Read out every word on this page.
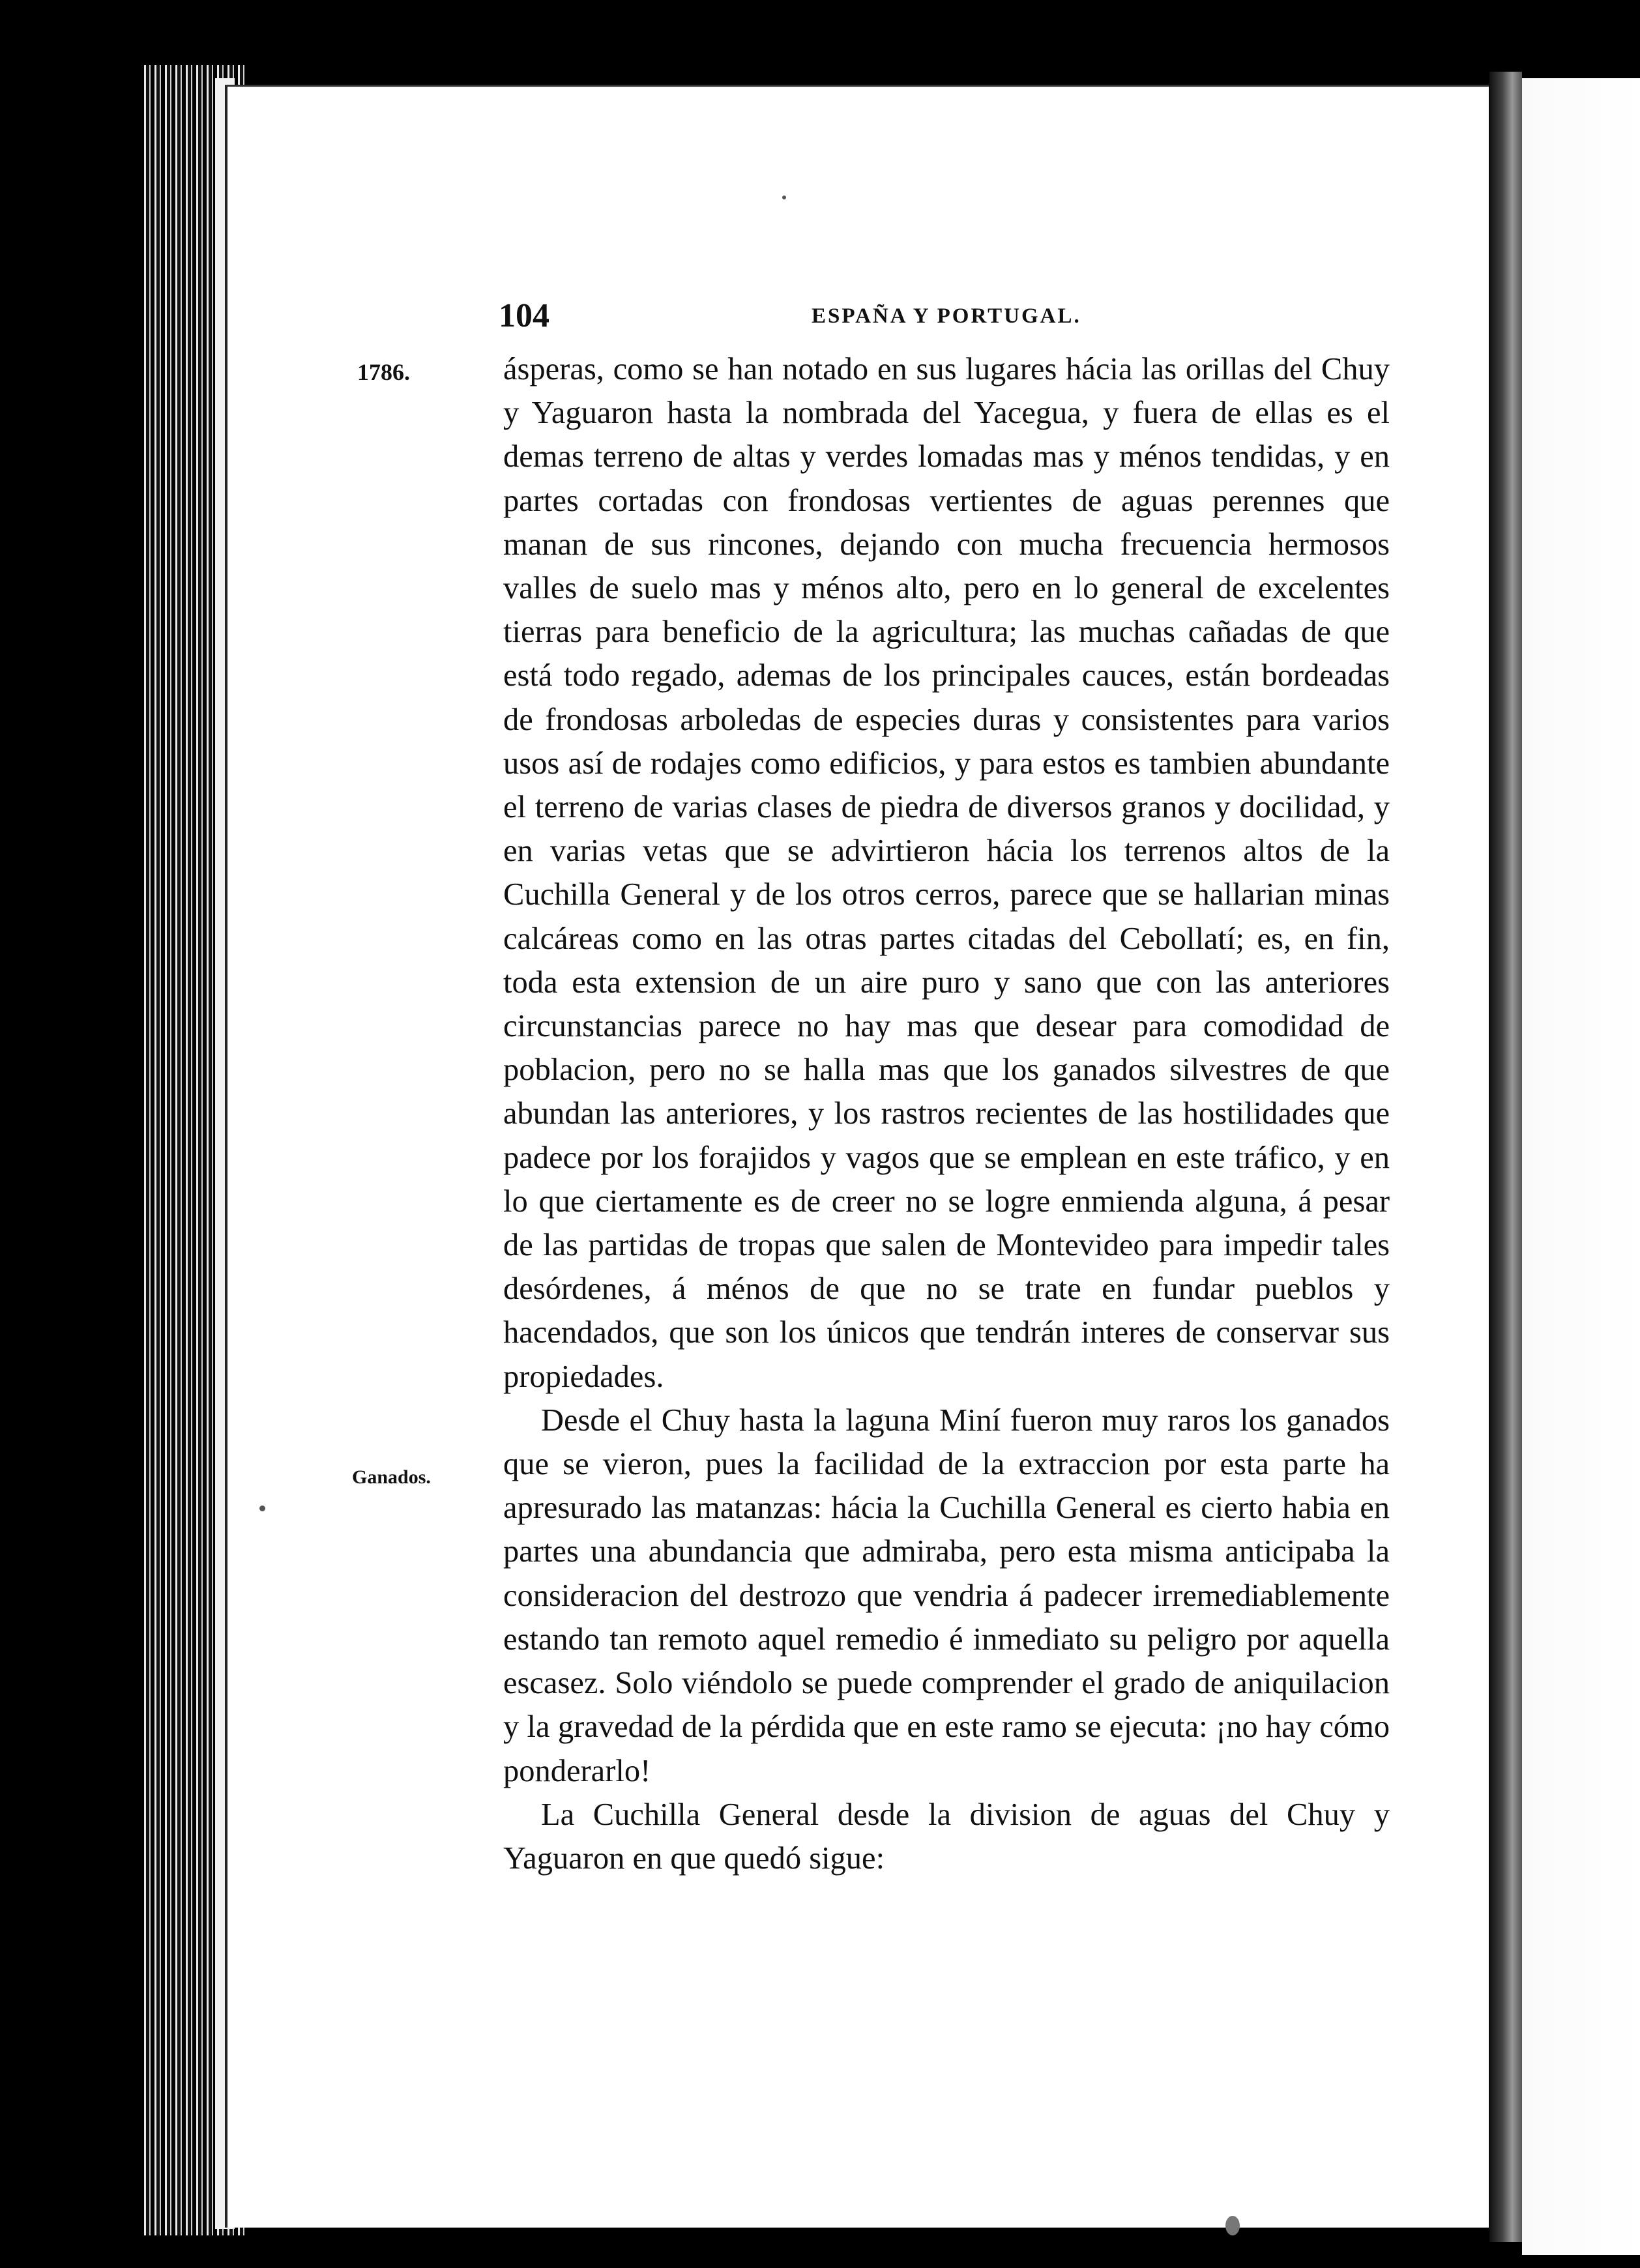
104	ESPAÑA Y PORTUGAL.
1786.
Ganados.

ásperas, como se han notado en sus lugares hácia las orillas del Chuy y Yaguaron hasta la nombrada del Yacegua, y fuera de ellas es el demas terreno de altas y verdes lomadas mas y ménos tendidas, y en partes cortadas con frondosas vertientes de aguas perennes que manan de sus rincones, dejando con mucha frecuencia hermosos valles de suelo mas y ménos alto, pero en lo general de excelentes tierras para beneficio de la agricultura; las muchas cañadas de que está todo regado, ademas de los principales cauces, están bordeadas de frondosas arboledas de especies duras y consistentes para varios usos así de rodajes como edificios, y para estos es tambien abundante el terreno de varias clases de piedra de diversos granos y docilidad, y en varias vetas que se advirtieron hácia los terrenos altos de la Cuchilla General y de los otros cerros, parece que se hallarian minas calcáreas como en las otras partes citadas del Cebollatí; es, en fin, toda esta extension de un aire puro y sano que con las anteriores circunstancias parece no hay mas que desear para comodidad de poblacion, pero no se halla mas que los ganados silvestres de que abundan las anteriores, y los rastros recientes de las hostilidades que padece por los forajidos y vagos que se emplean en este tráfico, y en lo que ciertamente es de creer no se logre enmienda alguna, á pesar de las partidas de tropas que salen de Montevideo para impedir tales desórdenes, á ménos de que no se trate en fundar pueblos y hacendados, que son los únicos que tendrán interes de conservar sus propiedades.

Desde el Chuy hasta la laguna Miní fueron muy raros los ganados que se vieron, pues la facilidad de la extraccion por esta parte ha apresurado las matanzas: hácia la Cuchilla General es cierto habia en partes una abundancia que admiraba, pero esta misma anticipaba la consideracion del destrozo que vendria á padecer irremediablemente estando tan remoto aquel remedio é inmediato su peligro por aquella escasez. Solo viéndolo se puede comprender el grado de aniquilacion y la gravedad de la pérdida que en este ramo se ejecuta: ¡no hay cómo ponderarlo!

La Cuchilla General desde la division de aguas del Chuy y Yaguaron en que quedó sigue:
